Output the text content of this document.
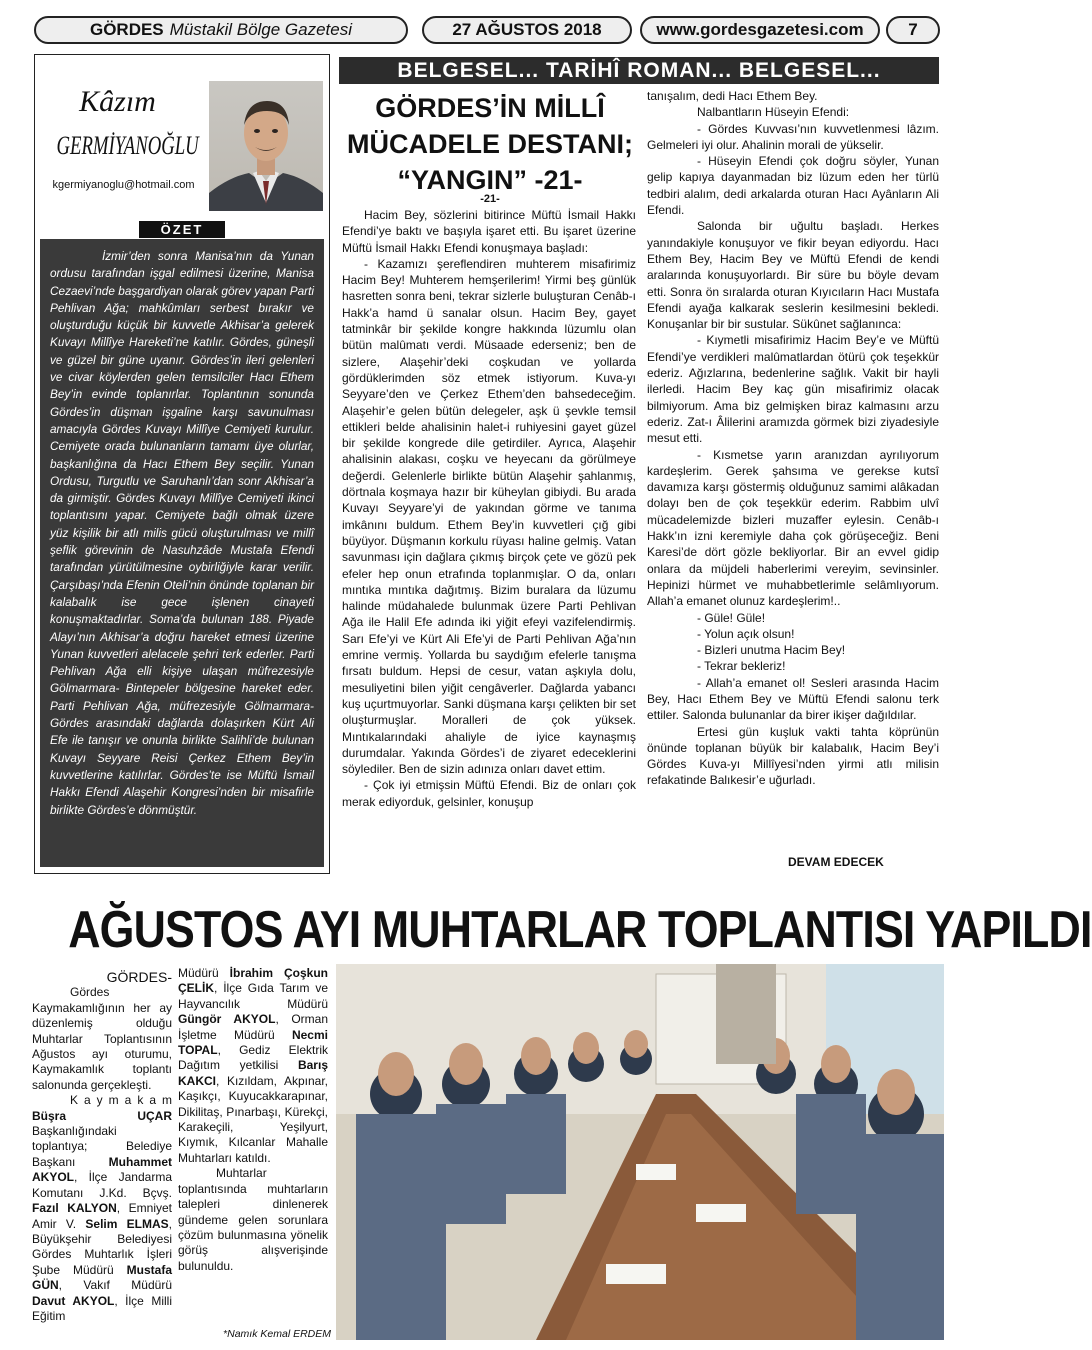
GÖRDES Müstakil Bölge Gazetesi	27 AĞUSTOS 2018	www.gordesgazetesi.com	7
Kâzım
GERMİYANOĞLU
kgermiyanoglu@hotmail.com
ÖZET
İzmir’den sonra Manisa’nın da Yunan ordusu tarafından işgal edilmesi üzerine, Manisa Cezaevi’nde başgardiyan olarak görev yapan Parti Pehlivan Ağa; mahkûmları serbest bırakır ve oluşturduğu küçük bir kuvvetle Akhisar’a gelerek Kuvayı Millîye Hareketi’ne katılır. Gördes, güneşli ve güzel bir güne uyanır. Gördes’in ileri gelenleri ve civar köylerden gelen temsilciler Hacı Ethem Bey’in evinde toplanırlar. Toplantının sonunda Gördes’in düşman işgaline karşı savunulması amacıyla Gördes Kuvayı Millîye Cemiyeti kurulur. Cemiyete orada bulunanların tamamı üye olurlar, başkanlığına da Hacı Ethem Bey seçilir. Yunan Ordusu, Turgutlu ve Saruhanlı’dan sonr Akhisar’a da girmiştir. Gördes Kuvayı Millîye Cemiyeti ikinci toplantısını yapar. Cemiyete bağlı olmak üzere yüz kişilik bir atlı milis gücü oluşturulması ve millî şeflik görevinin de Nasuhzâde Mustafa Efendi tarafından yürütülmesine oybirliğiyle karar verilir. Çarşıbaşı’nda Efenin Oteli’nin önünde toplanan bir kalabalık ise gece işlenen cinayeti konuşmaktadırlar. Soma’da bulunan 188. Piyade Alayı’nın Akhisar’a doğru hareket etmesi üzerine Yunan kuvvetleri alelacele şehri terk ederler. Parti Pehlivan Ağa elli kişiye ulaşan müfrezesiyle Gölmarmara- Bintepeler bölgesine hareket eder. Parti Pehlivan Ağa, müfrezesiyle Gölmarmara-Gördes arasındaki dağlarda dolaşırken Kürt Ali Efe ile tanışır ve onunla birlikte Salihli’de bulunan Kuvayı Seyyare Reisi Çerkez Ethem Bey’in kuvvetlerine katılırlar. Gördes’te ise Müftü İsmail Hakkı Efendi Alaşehir Kongresi’nden bir misafirle birlikte Gördes’e dönmüştür.
BELGESEL... TARİHÎ ROMAN... BELGESEL...
GÖRDES’İN MİLLÎ
MÜCADELE DESTANI;
“YANGIN” -21-
-21-

Hacim Bey, sözlerini bitirince Müftü İsmail Hakkı Efendi’ye baktı ve başıyla işaret etti. Bu işaret üzerine Müftü İsmail Hakkı Efendi konuşmaya başladı:

- Kazamızı şereflendiren muhterem misafirimiz Hacim Bey! Muhterem hemşerilerim! Yirmi beş günlük hasretten sonra beni, tekrar sizlerle buluşturan Cenâb-ı Hakk’a hamd ü sanalar olsun. Hacim Bey, gayet tatminkâr bir şekilde kongre hakkında lüzumlu olan bütün malûmatı verdi. Müsaade ederseniz; ben de sizlere, Alaşehir’deki coşkudan ve yollarda gördüklerimden söz etmek istiyorum. Kuva-yı Seyyare’den ve Çerkez Ethem’den bahsedeceğim. Alaşehir’e gelen bütün delegeler, aşk ü şevkle temsil ettikleri belde ahalisinin halet-i ruhiyesini gayet güzel bir şekilde kongrede dile getirdiler. Ayrıca, Alaşehir ahalisinin alakası, coşku ve heyecanı da görülmeye değerdi. Gelenlerle birlikte bütün Alaşehir şahlanmış, dörtnala koşmaya hazır bir küheylan gibiydi. Bu arada Kuvayı Seyyare’yi de yakından görme ve tanıma imkânını buldum. Ethem Bey’in kuvvetleri çığ gibi büyüyor. Düşmanın korkulu rüyası haline gelmiş. Vatan savunması için dağlara çıkmış birçok çete ve gözü pek efeler hep onun etrafında toplanmışlar. O da, onları mıntıka mıntıka dağıtmış. Bizim buralara da lüzumu halinde müdahalede bulunmak üzere Parti Pehlivan Ağa ile Halil Efe adında iki yiğit efeyi vazifelendirmiş. Sarı Efe’yi ve Kürt Ali Efe’yi de Parti Pehlivan Ağa’nın emrine vermiş. Yollarda bu saydığım efelerle tanışma fırsatı buldum. Hepsi de cesur, vatan aşkıyla dolu, mesuliyetini bilen yiğit cengâverler. Dağlarda yabancı kuş uçurtmuyorlar. Sanki düşmana karşı çelikten bir set oluşturmuşlar. Moralleri de çok yüksek. Mıntıkalarındaki ahaliyle de iyice kaynaşmış durumdalar. Yakında Gördes’i de ziyaret edeceklerini söylediler. Ben de sizin adınıza onları davet ettim.

- Çok iyi etmişsin Müftü Efendi. Biz de onları çok merak ediyorduk, gelsinler, konuşup

tanışalım, dedi Hacı Ethem Bey.

Nalbantların Hüseyin Efendi:

- Gördes Kuvvası’nın kuvvetlenmesi lâzım. Gelmeleri iyi olur. Ahalinin morali de yükselir.

- Hüseyin Efendi çok doğru söyler, Yunan gelip kapıya dayanmadan biz lüzum eden her türlü tedbiri alalım, dedi arkalarda oturan Hacı Ayânların Ali Efendi.

Salonda bir uğultu başladı. Herkes yanındakiyle konuşuyor ve fikir beyan ediyordu. Hacı Ethem Bey, Hacim Bey ve Müftü Efendi de kendi aralarında konuşuyorlardı. Bir süre bu böyle devam etti. Sonra ön sıralarda oturan Kıyıcıların Hacı Mustafa Efendi ayağa kalkarak seslerin kesilmesini bekledi. Konuşanlar bir bir sustular. Sükûnet sağlanınca:

- Kıymetli misafirimiz Hacim Bey’e ve Müftü Efendi’ye verdikleri malûmatlardan ötürü çok teşekkür ederiz. Ağızlarına, bedenlerine sağlık. Vakit bir hayli ilerledi. Hacim Bey kaç gün misafirimiz olacak bilmiyorum. Ama biz gelmişken biraz kalmasını arzu ederiz. Zat-ı Âlilerini aramızda görmek bizi ziyadesiyle mesut etti.

- Kısmetse yarın aranızdan ayrılıyorum kardeşlerim. Gerek şahsıma ve gerekse kutsî davamıza karşı göstermiş olduğunuz samimi alâkadan dolayı ben de çok teşekkür ederim. Rabbim ulvî mücadelemizde bizleri muzaffer eylesin. Cenâb-ı Hakk’ın izni keremiyle daha çok görüşeceğiz. Beni Karesi’de dört gözle bekliyorlar. Bir an evvel gidip onlara da müjdeli haberlerimi vereyim, sevinsinler. Hepinizi hürmet ve muhabbetlerimle selâmlıyorum. Allah’a emanet olunuz kardeşlerim!..

- Güle! Güle!

- Yolun açık olsun!

- Bizleri unutma Hacim Bey!

- Tekrar bekleriz!

- Allah’a emanet ol! Sesleri arasında Hacim Bey, Hacı Ethem Bey ve Müftü Efendi salonu terk ettiler. Salonda bulunanlar da birer ikişer dağıldılar.

Ertesi gün kuşluk vakti tahta köprünün önünde toplanan büyük bir kalabalık, Hacim Bey’i Gördes Kuva-yı Millîyesi’nden yirmi atlı milisin refakatinde Balıkesir’e uğurladı.

DEVAM EDECEK
AĞUSTOS AYI MUHTARLAR TOPLANTISI YAPILDI

GÖRDES-

Gördes Kaymakamlığının her ay düzenlemiş olduğu Muhtarlar Toplantısının Ağustos ayı oturumu, Kaymakamlık toplantı salonunda gerçekleşti.

Kaymakam Büşra UÇAR Başkanlığındaki toplantıya; Belediye Başkanı	Muhammet AKYOL, İlçe Jandarma Komutanı J.Kd. Bçvş. Fazıl KALYON, Emniyet Amir V. Selim ELMAS, Büyükşehir Belediyesi Gördes Muhtarlık İşleri Şube Müdürü Mustafa GÜN, Vakıf Müdürü Davut AKYOL, İlçe Milli Eğitim

Müdürü İbrahim Çoşkun ÇELİK, İlçe Gıda Tarım ve Hayvancılık Müdürü Güngör AKYOL, Orman İşletme Müdürü Necmi TOPAL, Gediz Elektrik Dağıtım yetkilisi Barış KAKCI, Kızıldam, Akpınar, Kaşıkçı, Kuyucakkarapınar, Dikilitaş, Pınarbaşı, Kürekçi, Karakeçili, Yeşilyurt, Kıymık, Kılcanlar Mahalle Muhtarları katıldı.

Muhtarlar toplantısında muhtarların talepleri dinlenerek gündeme gelen sorunlara çözüm bulunmasına yönelik görüş alışverişinde bulunuldu.

*Namık Kemal ERDEM
